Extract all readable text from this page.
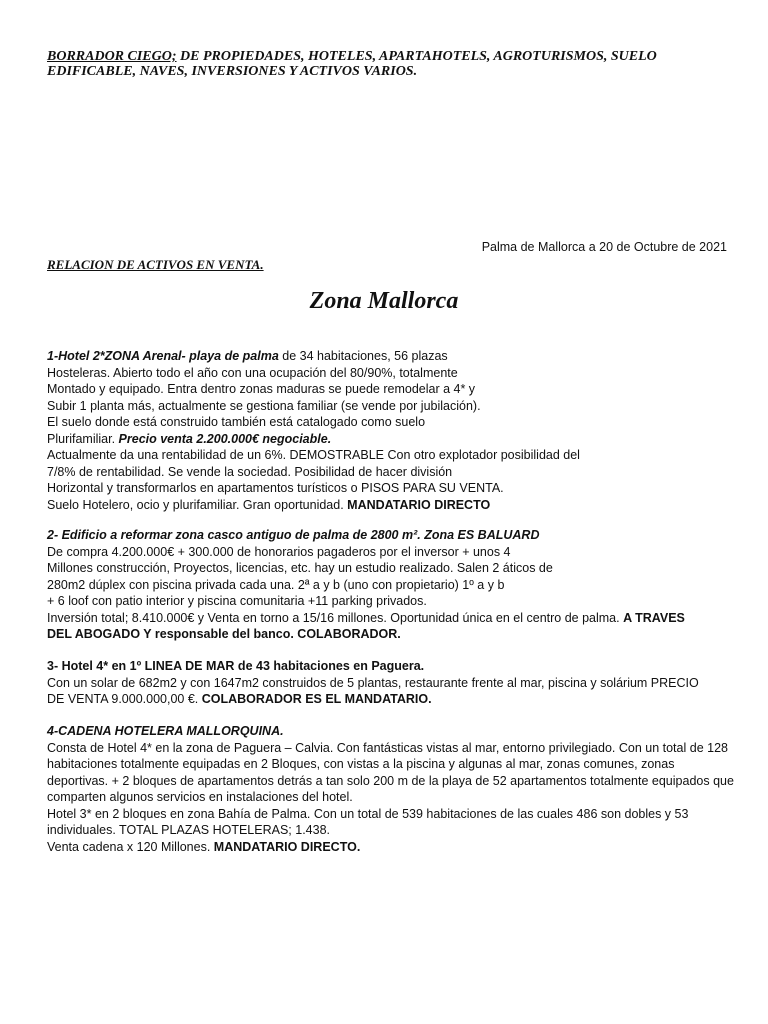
BORRADOR CIEGO; DE PROPIEDADES, HOTELES, APARTAHOTELS, AGROTURISMOS, SUELO EDIFICABLE, NAVES, INVERSIONES Y ACTIVOS VARIOS.
Palma de Mallorca a 20 de Octubre de 2021
RELACION DE ACTIVOS EN VENTA.
Zona Mallorca
1-Hotel 2*ZONA Arenal- playa de palma de 34 habitaciones, 56 plazas
Hosteleras. Abierto todo el año con una ocupación del 80/90%, totalmente
Montado y equipado. Entra dentro zonas maduras se puede remodelar a 4* y
Subir 1 planta más, actualmente se gestiona familiar (se vende por jubilación).
El suelo donde está construido también está catalogado como suelo
Plurifamiliar. Precio venta 2.200.000€ negociable.
Actualmente da una rentabilidad de un 6%. DEMOSTRABLE Con otro explotador posibilidad del
7/8% de rentabilidad. Se vende la sociedad. Posibilidad de hacer división
Horizontal y transformarlos en apartamentos turísticos o PISOS PARA SU VENTA.
Suelo Hotelero, ocio y plurifamiliar. Gran oportunidad. MANDATARIO DIRECTO
2- Edificio a reformar zona casco antiguo de palma de 2800 m². Zona ES BALUARD
De compra 4.200.000€ + 300.000 de honorarios pagaderos por el inversor + unos 4
Millones construcción, Proyectos, licencias, etc. hay un estudio realizado. Salen 2 áticos de
280m2 dúplex con piscina privada cada una. 2ª a y b (uno con propietario) 1º a y b
+ 6 loof con patio interior y piscina comunitaria +11 parking privados.
Inversión total; 8.410.000€ y Venta en torno a 15/16 millones. Oportunidad única en el centro de palma. A TRAVES
DEL ABOGADO Y responsable del banco. COLABORADOR.
3- Hotel 4* en 1º LINEA DE MAR de 43 habitaciones en Paguera.
Con un solar de 682m2 y con 1647m2 construidos de 5 plantas, restaurante frente al mar, piscina y solárium PRECIO
DE VENTA 9.000.000,00 €. COLABORADOR ES EL MANDATARIO.
4-CADENA HOTELERA MALLORQUINA.
Consta de Hotel 4* en la zona de Paguera – Calvia. Con fantásticas vistas al mar, entorno privilegiado. Con un total de 128 habitaciones totalmente equipadas en 2 Bloques, con vistas a la piscina y algunas al mar, zonas comunes, zonas deportivas. + 2 bloques de apartamentos detrás a tan solo 200 m de la playa de 52 apartamentos totalmente equipados que comparten algunos servicios en instalaciones del hotel.
Hotel 3* en 2 bloques en zona Bahía de Palma. Con un total de 539 habitaciones de las cuales 486 son dobles y 53 individuales. TOTAL PLAZAS HOTELERAS; 1.438.
Venta cadena x 120 Millones. MANDATARIO DIRECTO.
